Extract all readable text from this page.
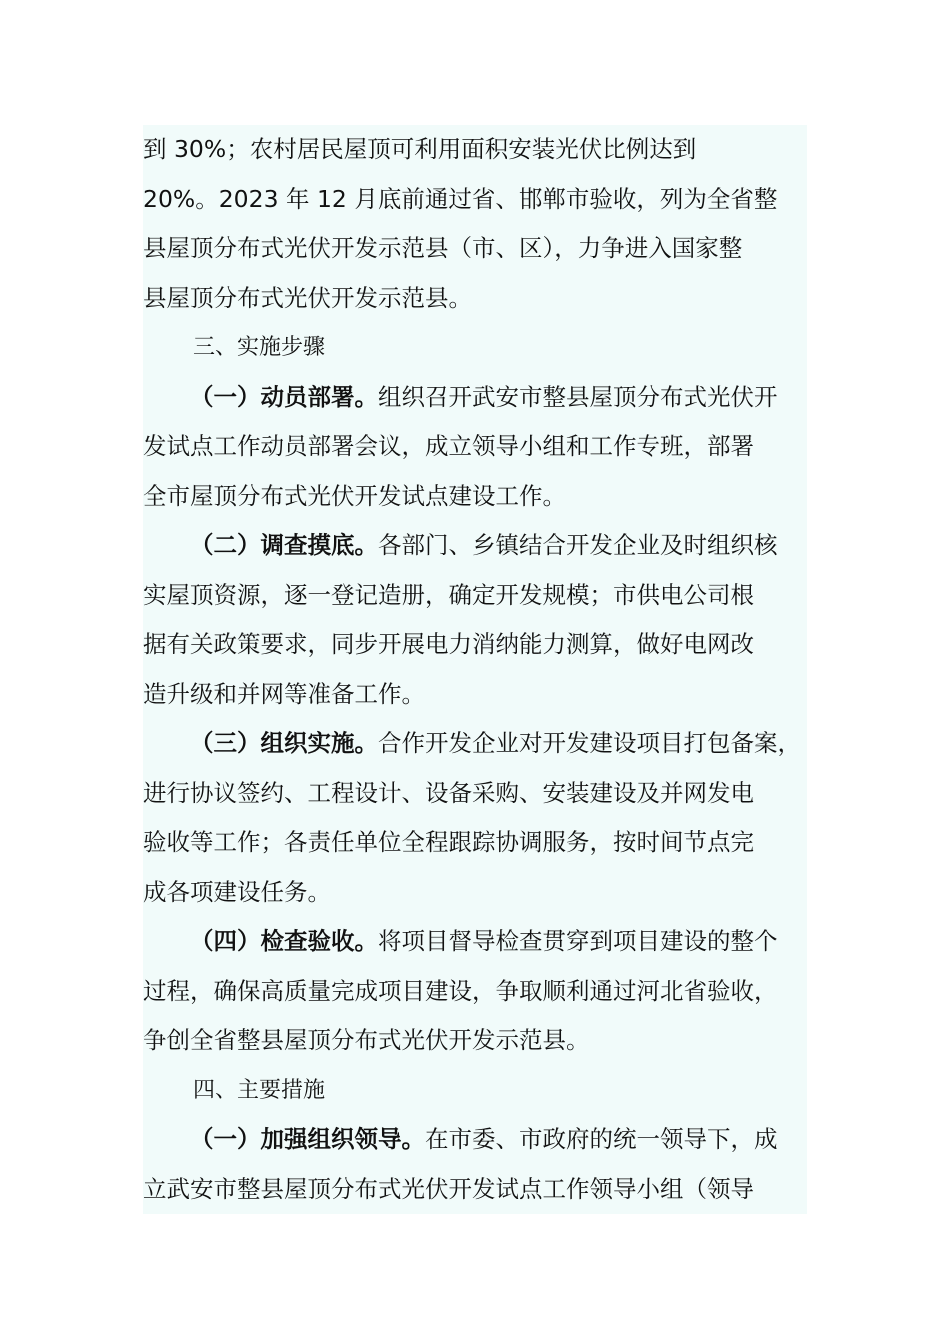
到 30%；农村居民屋顶可利用面积安装光伏比例达到
20%。2023 年 12 月底前通过省、邯郸市验收，列为全省整
县屋顶分布式光伏开发示范县（市、区），力争进入国家整
县屋顶分布式光伏开发示范县。
三、实施步骤
（一）动员部署。组织召开武安市整县屋顶分布式光伏开
发试点工作动员部署会议，成立领导小组和工作专班，部署
全市屋顶分布式光伏开发试点建设工作。
（二）调查摸底。各部门、乡镇结合开发企业及时组织核
实屋顶资源，逐一登记造册，确定开发规模；市供电公司根
据有关政策要求，同步开展电力消纳能力测算，做好电网改
造升级和并网等准备工作。
（三）组织实施。合作开发企业对开发建设项目打包备案，
进行协议签约、工程设计、设备采购、安装建设及并网发电
验收等工作；各责任单位全程跟踪协调服务，按时间节点完
成各项建设任务。
（四）检查验收。将项目督导检查贯穿到项目建设的整个
过程，确保高质量完成项目建设，争取顺利通过河北省验收，
争创全省整县屋顶分布式光伏开发示范县。
四、主要措施
（一）加强组织领导。在市委、市政府的统一领导下，成
立武安市整县屋顶分布式光伏开发试点工作领导小组（领导
